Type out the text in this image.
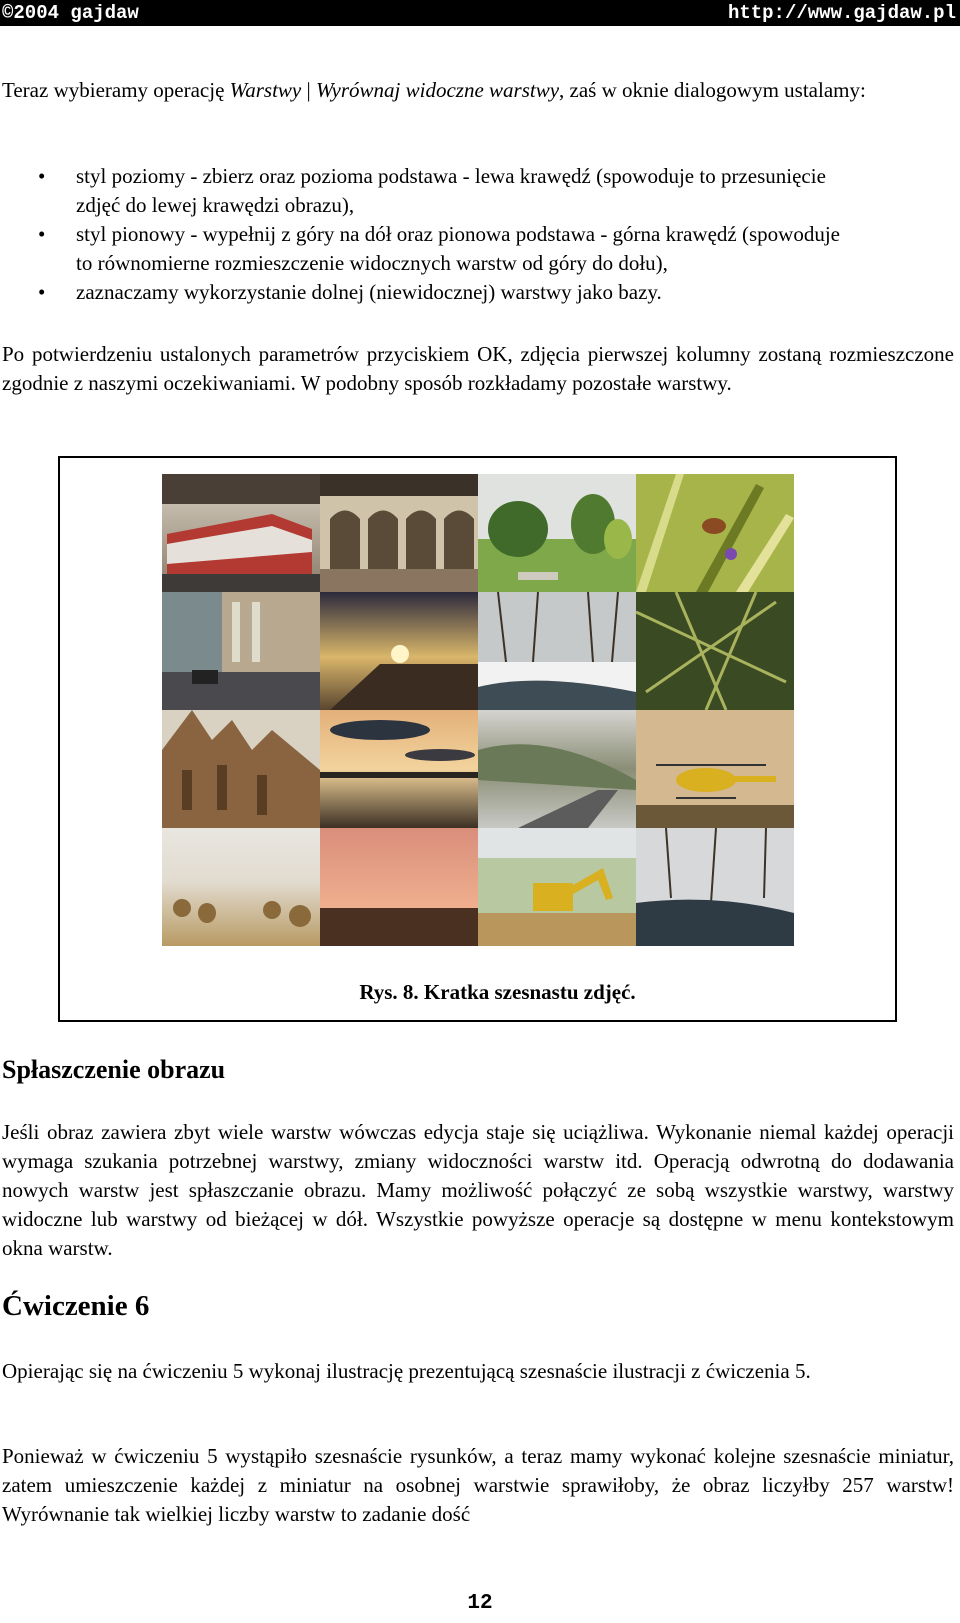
©2004 gajdaw	http://www.gajdaw.pl
Teraz wybieramy operację Warstwy | Wyrównaj widoczne warstwy, zaś w oknie dialogowym ustalamy:
• styl poziomy - zbierz oraz pozioma podstawa - lewa krawędź (spowoduje to przesunięcie zdjęć do lewej krawędzi obrazu),
• styl pionowy - wypełnij z góry na dół oraz pionowa podstawa - górna krawędź (spowoduje to równomierne rozmieszczenie widocznych warstw od góry do dołu),
• zaznaczamy wykorzystanie dolnej (niewidocznej) warstwy jako bazy.
Po potwierdzeniu ustalonych parametrów przyciskiem OK, zdjęcia pierwszej kolumny zostaną rozmieszczone zgodnie z naszymi oczekiwaniami. W podobny sposób rozkładamy pozostałe warstwy.
Rys. 8. Kratka szesnastu zdjęć.
Spłaszczenie obrazu
Jeśli obraz zawiera zbyt wiele warstw wówczas edycja staje się uciążliwa. Wykonanie niemal każdej operacji wymaga szukania potrzebnej warstwy, zmiany widoczności warstw itd. Operacją odwrotną do dodawania nowych warstw jest spłaszczanie obrazu. Mamy możliwość połączyć ze sobą wszystkie warstwy, warstwy widoczne lub warstwy od bieżącej w dół. Wszystkie powyższe operacje są dostępne w menu kontekstowym okna warstw.
Ćwiczenie 6
Opierając się na ćwiczeniu 5 wykonaj ilustrację prezentującą szesnaście ilustracji z ćwiczenia 5.
Ponieważ w ćwiczeniu 5 wystąpiło szesnaście rysunków, a teraz mamy wykonać kolejne szesnaście miniatur, zatem umieszczenie każdej z miniatur na osobnej warstwie sprawiłoby, że obraz liczyłby 257 warstw! Wyrównanie tak wielkiej liczby warstw to zadanie dość
12
